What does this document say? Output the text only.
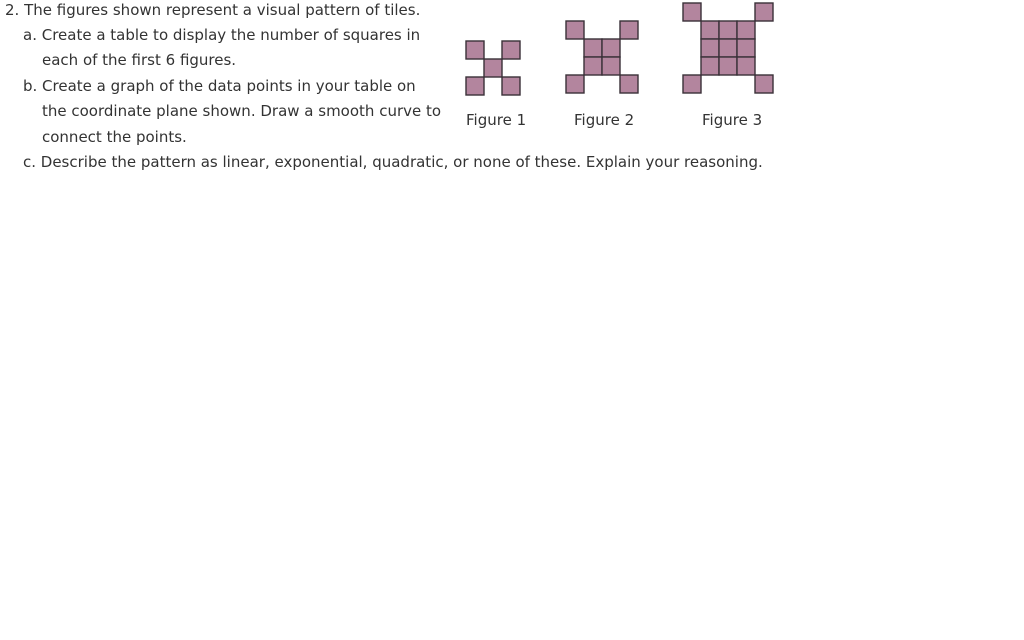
2. The figures shown represent a visual pattern of tiles.
a. Create a table to display the number of squares in
each of the first 6 figures.
b. Create a graph of the data points in your table on
the coordinate plane shown. Draw a smooth curve to
connect the points.
c. Describe the pattern as linear, exponential, quadratic, or none of these. Explain your reasoning.
Figure 1	Figure 2	Figure 3
